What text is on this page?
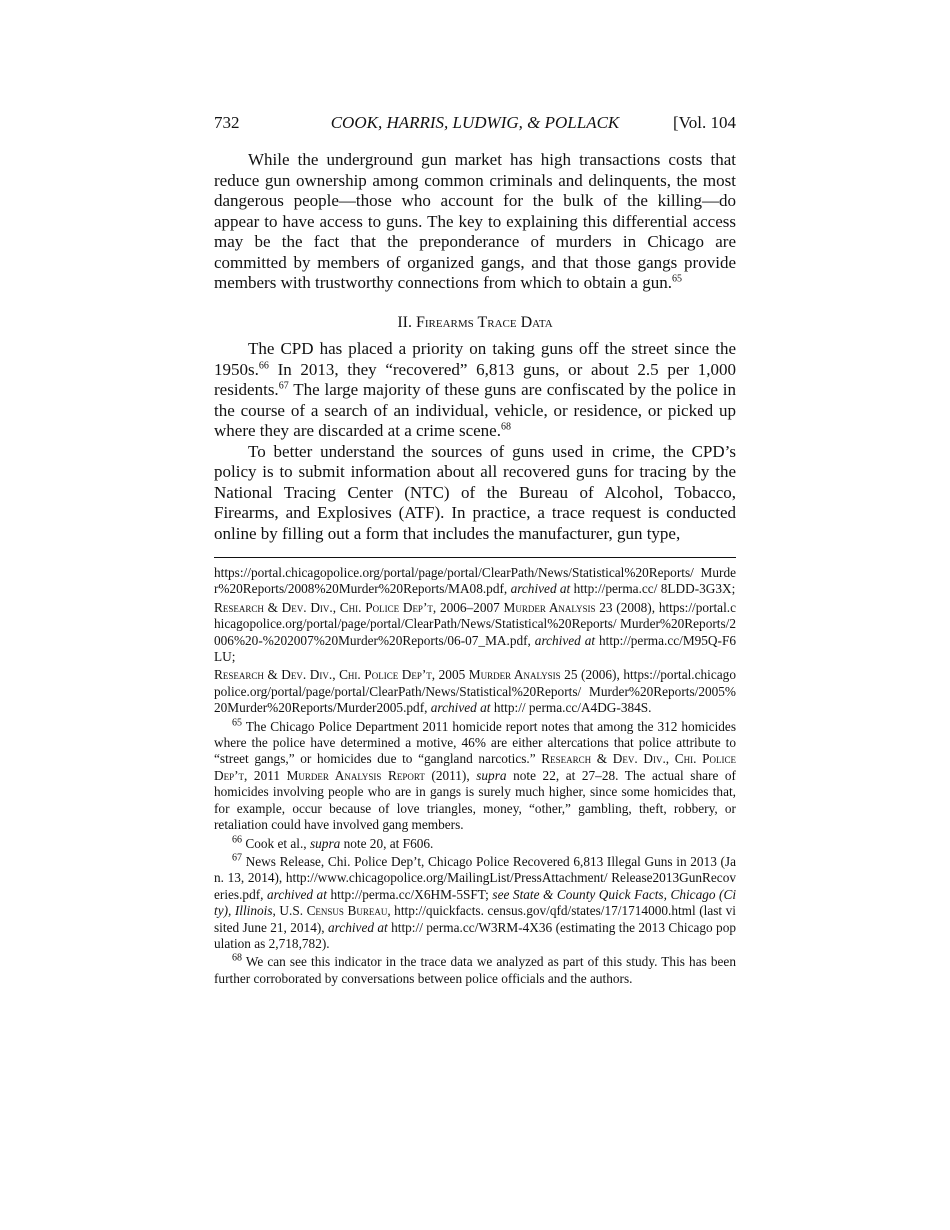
732	COOK, HARRIS, LUDWIG, & POLLACK	[Vol. 104

While the underground gun market has high transactions costs that reduce gun ownership among common criminals and delinquents, the most dangerous people—those who account for the bulk of the killing—do appear to have access to guns. The key to explaining this differential access may be the fact that the preponderance of murders in Chicago are committed by members of organized gangs, and that those gangs provide members with trustworthy connections from which to obtain a gun.$^{65}$

II. Firearms Trace Data

The CPD has placed a priority on taking guns off the street since the 1950s.$^{66}$ In 2013, they “recovered” 6,813 guns, or about 2.5 per 1,000 residents.$^{67}$ The large majority of these guns are confiscated by the police in the course of a search of an individual, vehicle, or residence, or picked up where they are discarded at a crime scene.$^{68}$

To better understand the sources of guns used in crime, the CPD’s policy is to submit information about all recovered guns for tracing by the National Tracing Center (NTC) of the Bureau of Alcohol, Tobacco, Firearms, and Explosives (ATF). In practice, a trace request is conducted online by filling out a form that includes the manufacturer, gun type,

https://portal.chicagopolice.org/portal/page/portal/ClearPath/News/Statistical%20Reports/ Murder%20Reports/2008%20Murder%20Reports/MA08.pdf, archived at http://perma.cc/ 8LDD-3G3X;

Research & Dev. Div., Chi. Police Dep’t, 2006–2007 Murder Analysis 23 (2008), https://portal.chicagopolice.org/portal/page/portal/ClearPath/News/Statistical%20Reports/ Murder%20Reports/2006%20-%202007%20Murder%20Reports/06-07_MA.pdf, archived at http://perma.cc/M95Q-F6LU;

Research & Dev. Div., Chi. Police Dep’t, 2005 Murder Analysis 25 (2006), https://portal.chicagopolice.org/portal/page/portal/ClearPath/News/Statistical%20Reports/ Murder%20Reports/2005%20Murder%20Reports/Murder2005.pdf, archived at http:// perma.cc/A4DG-384S.

$^{65}$ The Chicago Police Department 2011 homicide report notes that among the 312 homicides where the police have determined a motive, 46% are either altercations that police attribute to “street gangs,” or homicides due to “gangland narcotics.” Research & Dev. Div., Chi. Police Dep’t, 2011 Murder Analysis Report (2011), supra note 22, at 27–28. The actual share of homicides involving people who are in gangs is surely much higher, since some homicides that, for example, occur because of love triangles, money, “other,” gambling, theft, robbery, or retaliation could have involved gang members.

$^{66}$ Cook et al., supra note 20, at F606.

$^{67}$ News Release, Chi. Police Dep’t, Chicago Police Recovered 6,813 Illegal Guns in 2013 (Jan. 13, 2014), http://www.chicagopolice.org/MailingList/PressAttachment/ Release2013GunRecoveries.pdf, archived at http://perma.cc/X6HM-5SFT; see State & County Quick Facts, Chicago (City), Illinois, U.S. Census Bureau, http://quickfacts. census.gov/qfd/states/17/1714000.html (last visited June 21, 2014), archived at http:// perma.cc/W3RM-4X36 (estimating the 2013 Chicago population as 2,718,782).

$^{68}$ We can see this indicator in the trace data we analyzed as part of this study. This has been further corroborated by conversations between police officials and the authors.
